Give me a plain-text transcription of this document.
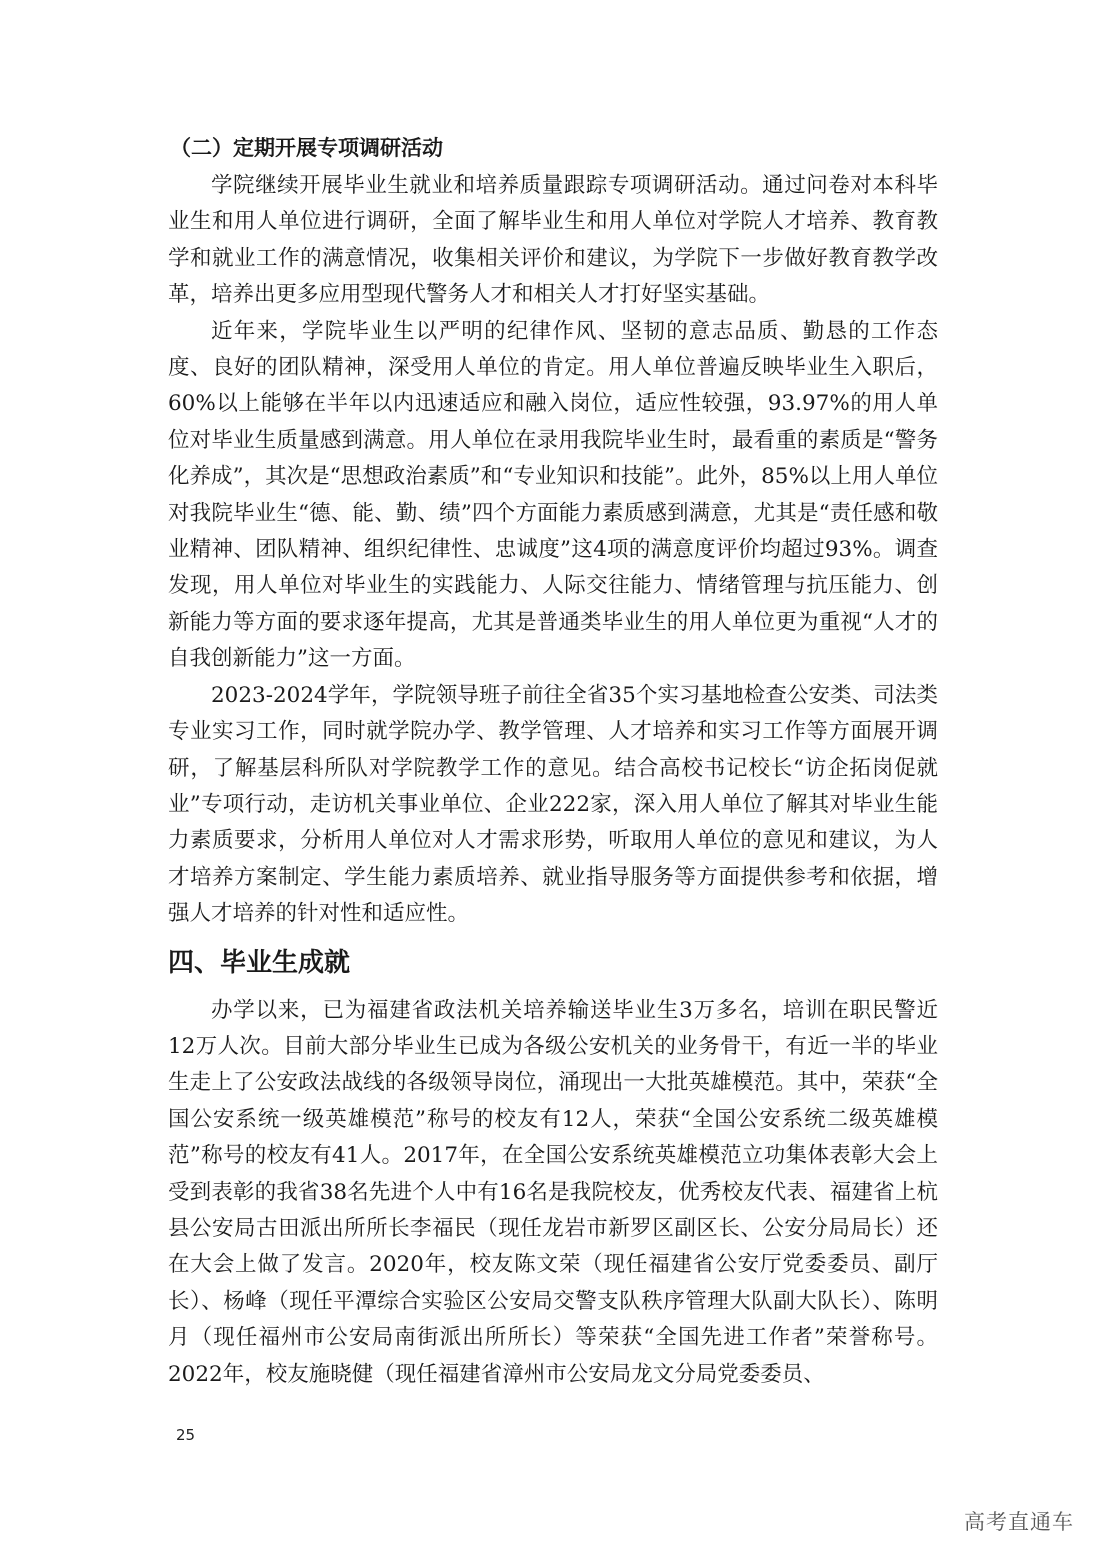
（二）定期开展专项调研活动

学院继续开展毕业生就业和培养质量跟踪专项调研活动。通过问卷对本科毕业生和用人单位进行调研，全面了解毕业生和用人单位对学院人才培养、教育教学和就业工作的满意情况，收集相关评价和建议，为学院下一步做好教育教学改革，培养出更多应用型现代警务人才和相关人才打好坚实基础。

近年来，学院毕业生以严明的纪律作风、坚韧的意志品质、勤恳的工作态度、良好的团队精神，深受用人单位的肯定。用人单位普遍反映毕业生入职后，60%以上能够在半年以内迅速适应和融入岗位，适应性较强，93.97%的用人单位对毕业生质量感到满意。用人单位在录用我院毕业生时，最看重的素质是“警务化养成”，其次是“思想政治素质”和“专业知识和技能”。此外，85%以上用人单位对我院毕业生“德、能、勤、绩”四个方面能力素质感到满意，尤其是“责任感和敬业精神、团队精神、组织纪律性、忠诚度”这4项的满意度评价均超过93%。调查发现，用人单位对毕业生的实践能力、人际交往能力、情绪管理与抗压能力、创新能力等方面的要求逐年提高，尤其是普通类毕业生的用人单位更为重视“人才的自我创新能力”这一方面。

2023-2024学年，学院领导班子前往全省35个实习基地检查公安类、司法类专业实习工作，同时就学院办学、教学管理、人才培养和实习工作等方面展开调研，了解基层科所队对学院教学工作的意见。结合高校书记校长“访企拓岗促就业”专项行动，走访机关事业单位、企业222家，深入用人单位了解其对毕业生能力素质要求，分析用人单位对人才需求形势，听取用人单位的意见和建议，为人才培养方案制定、学生能力素质培养、就业指导服务等方面提供参考和依据，增强人才培养的针对性和适应性。

四、毕业生成就

办学以来，已为福建省政法机关培养输送毕业生3万多名，培训在职民警近12万人次。目前大部分毕业生已成为各级公安机关的业务骨干，有近一半的毕业生走上了公安政法战线的各级领导岗位，涌现出一大批英雄模范。其中，荣获“全国公安系统一级英雄模范”称号的校友有12人，荣获“全国公安系统二级英雄模范”称号的校友有41人。2017年，在全国公安系统英雄模范立功集体表彰大会上受到表彰的我省38名先进个人中有16名是我院校友，优秀校友代表、福建省上杭县公安局古田派出所所长李福民（现任龙岩市新罗区副区长、公安分局局长）还在大会上做了发言。2020年，校友陈文荣（现任福建省公安厅党委委员、副厅长）、杨峰（现任平潭综合实验区公安局交警支队秩序管理大队副大队长）、陈明月（现任福州市公安局南街派出所所长）等荣获“全国先进工作者”荣誉称号。2022年，校友施晓健（现任福建省漳州市公安局龙文分局党委委员、

25
高考直通车
